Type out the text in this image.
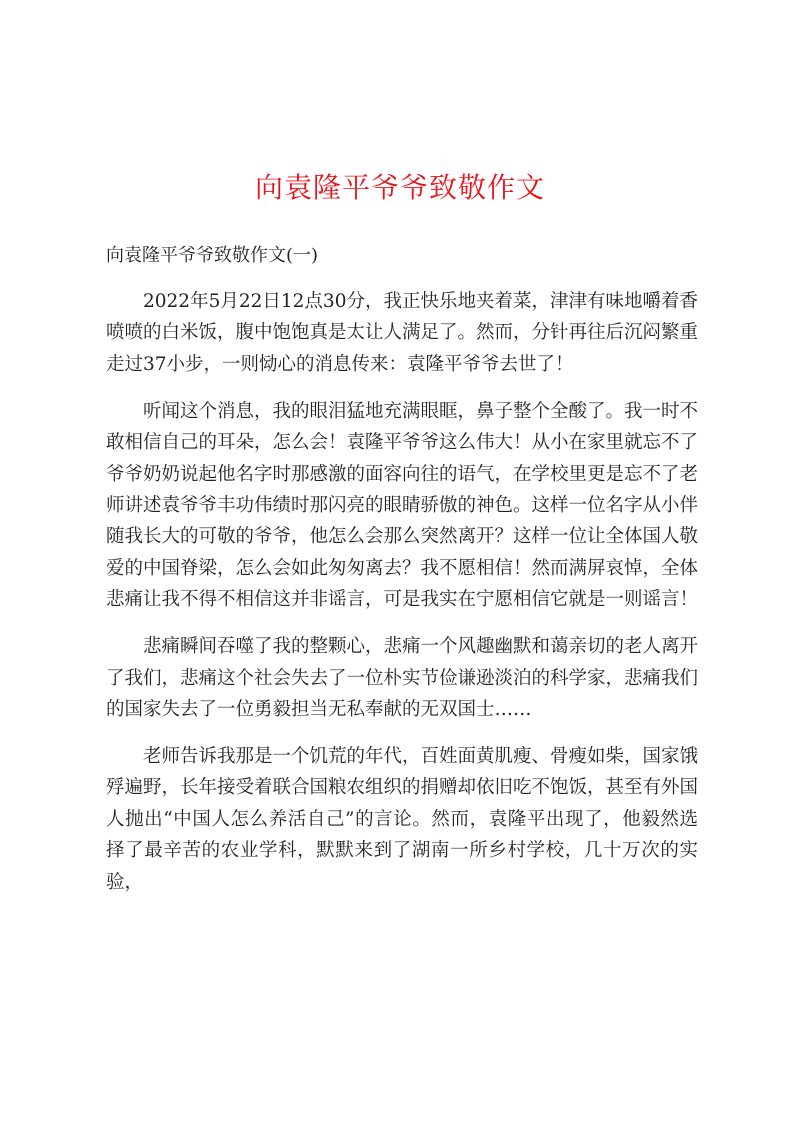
向袁隆平爷爷致敬作文
向袁隆平爷爷致敬作文(一)

2022年5月22日12点30分，我正快乐地夹着菜，津津有味地嚼着香喷喷的白米饭，腹中饱饱真是太让人满足了。然而，分针再往后沉闷繁重走过37小步，一则恸心的消息传来：袁隆平爷爷去世了！

听闻这个消息，我的眼泪猛地充满眼眶，鼻子整个全酸了。我一时不敢相信自己的耳朵，怎么会！袁隆平爷爷这么伟大！从小在家里就忘不了爷爷奶奶说起他名字时那感激的面容向往的语气，在学校里更是忘不了老师讲述袁爷爷丰功伟绩时那闪亮的眼睛骄傲的神色。这样一位名字从小伴随我长大的可敬的爷爷，他怎么会那么突然离开？这样一位让全体国人敬爱的中国脊梁，怎么会如此匆匆离去？我不愿相信！然而满屏哀悼，全体悲痛让我不得不相信这并非谣言，可是我实在宁愿相信它就是一则谣言！

悲痛瞬间吞噬了我的整颗心，悲痛一个风趣幽默和蔼亲切的老人离开了我们，悲痛这个社会失去了一位朴实节俭谦逊淡泊的科学家，悲痛我们的国家失去了一位勇毅担当无私奉献的无双国士……

老师告诉我那是一个饥荒的年代，百姓面黄肌瘦、骨瘦如柴，国家饿殍遍野，长年接受着联合国粮农组织的捐赠却依旧吃不饱饭，甚至有外国人抛出“中国人怎么养活自己”的言论。然而，袁隆平出现了，他毅然选择了最辛苦的农业学科，默默来到了湖南一所乡村学校，几十万次的实验，
